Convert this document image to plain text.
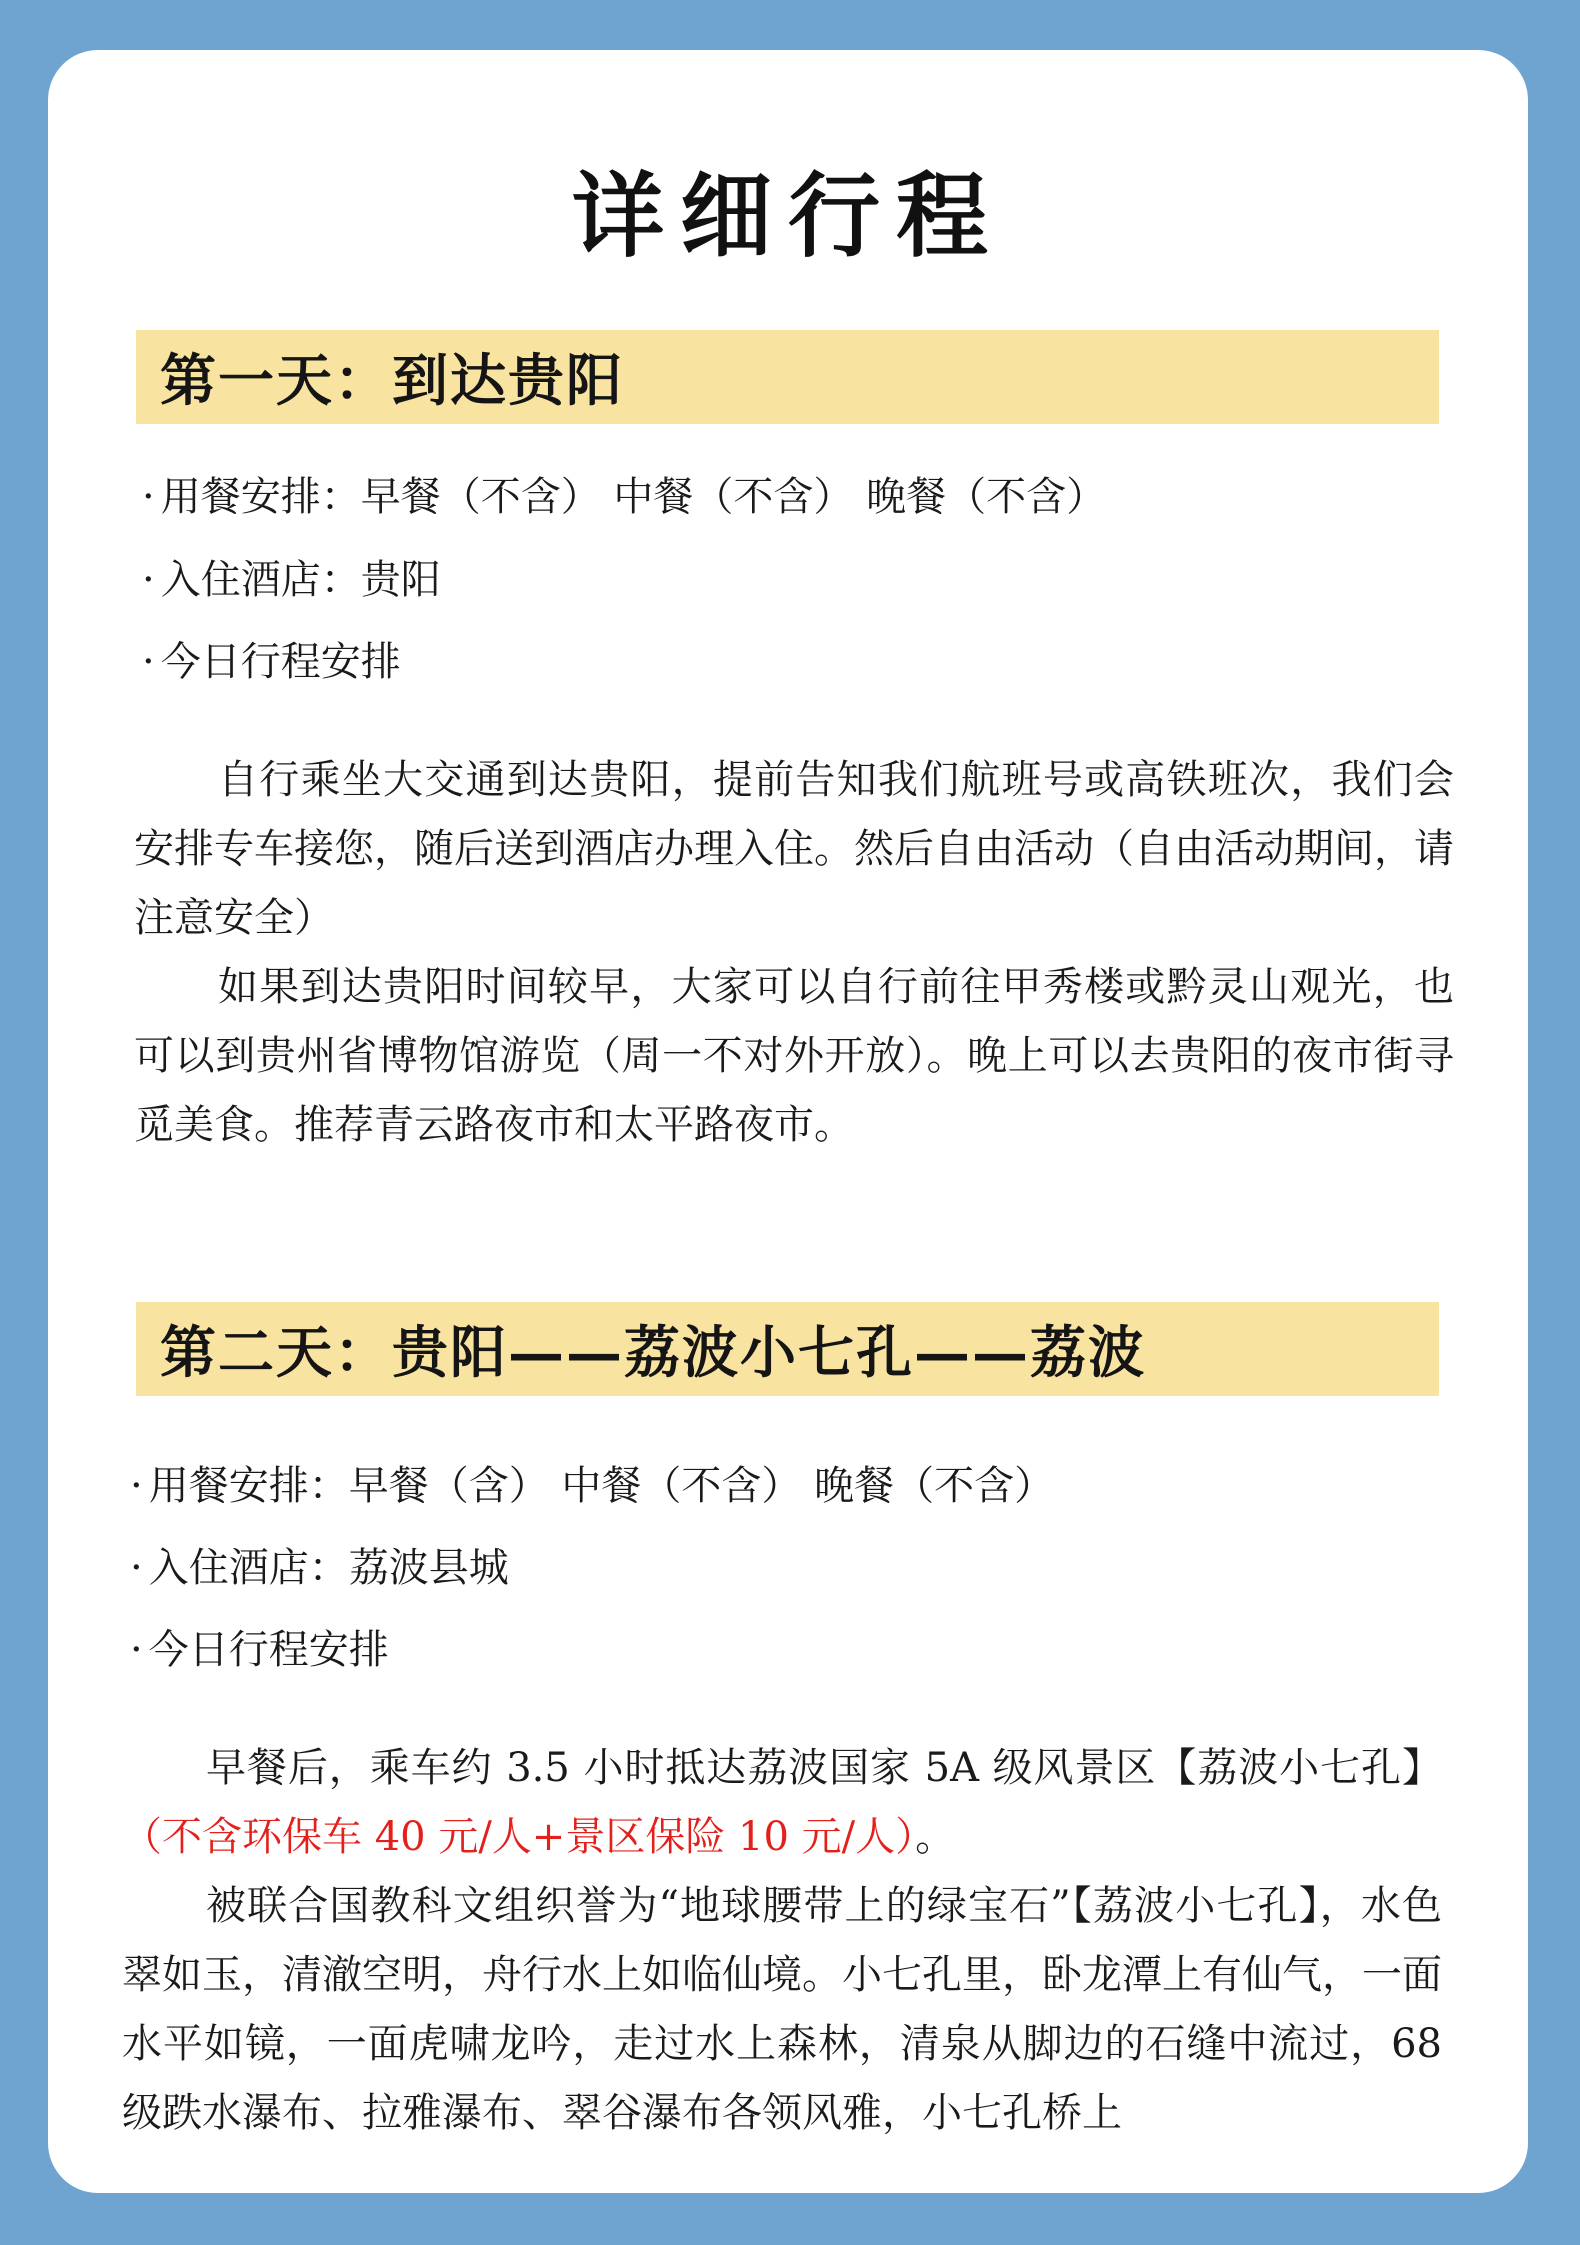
详细行程
第一天：到达贵阳
· 用餐安排：早餐（不含） 中餐（不含） 晚餐（不含）
· 入住酒店：贵阳
· 今日行程安排
自行乘坐大交通到达贵阳，提前告知我们航班号或高铁班次，我们会安排专车接您，随后送到酒店办理入住。然后自由活动（自由活动期间，请注意安全）
如果到达贵阳时间较早，大家可以自行前往甲秀楼或黔灵山观光，也可以到贵州省博物馆游览（周一不对外开放）。晚上可以去贵阳的夜市街寻觅美食。推荐青云路夜市和太平路夜市。
第二天：贵阳——荔波小七孔——荔波
· 用餐安排：早餐（含） 中餐（不含） 晚餐（不含）
· 入住酒店：荔波县城
· 今日行程安排
早餐后，乘车约 3.5 小时抵达荔波国家 5A 级风景区【荔波小七孔】（不含环保车 40 元/人+景区保险 10 元/人）。
被联合国教科文组织誉为“地球腰带上的绿宝石”【荔波小七孔】，水色翠如玉，清澈空明，舟行水上如临仙境。小七孔里，卧龙潭上有仙气，一面水平如镜，一面虎啸龙吟，走过水上森林，清泉从脚边的石缝中流过，68 级跌水瀑布、拉雅瀑布、翠谷瀑布各领风雅，小七孔桥上
